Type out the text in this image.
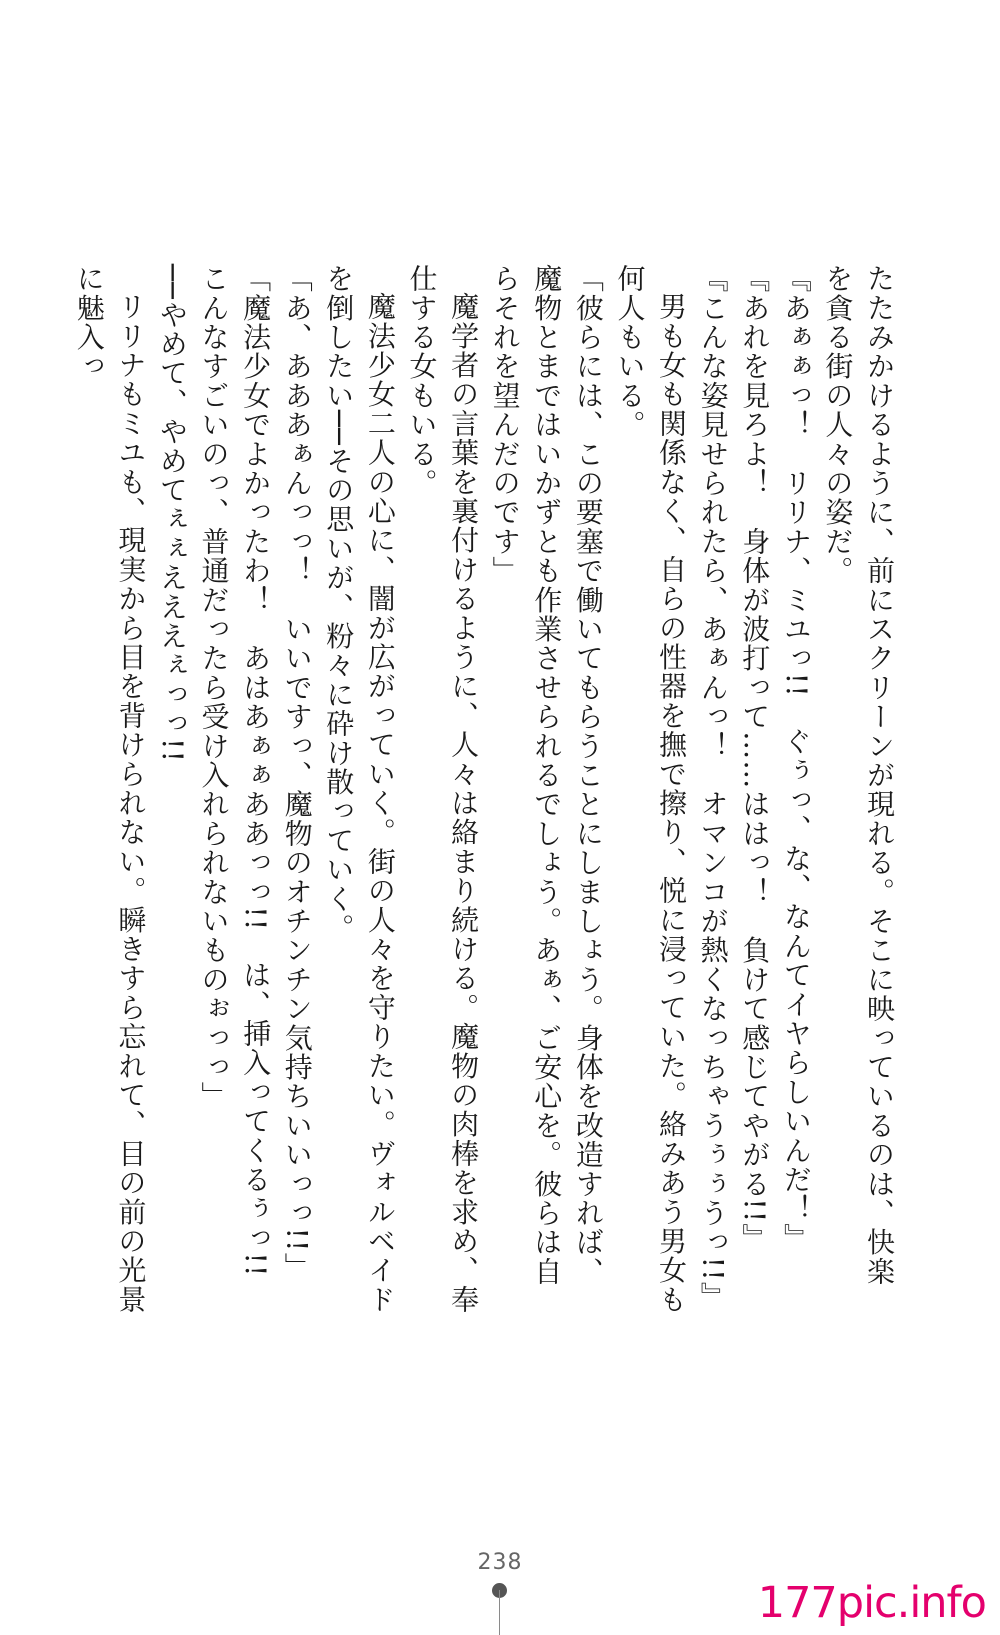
たたみかけるように、前にスクリーンが現れる。そこに映っているのは、快楽を貪る街の人々の姿だ。

『あぁぁっ！　リリナ、ミユっ!!　ぐぅっ、な、なんてイヤらしいんだ！』

『あれを見ろよ！　身体が波打って……ははっ！　負けて感じてやがる!!』

『こんな姿見せられたら、あぁんっ！　オマンコが熱くなっちゃうぅぅうっ!!』

男も女も関係なく、自らの性器を撫で擦り、悦に浸っていた。絡みあう男女も何人もいる。

「彼らには、この要塞で働いてもらうことにしましょう。身体を改造すれば、魔物とまではいかずとも作業させられるでしょう。あぁ、ご安心を。彼らは自らそれを望んだのです」

魔学者の言葉を裏付けるように、人々は絡まり続ける。魔物の肉棒を求め、奉仕する女もいる。

魔法少女二人の心に、闇が広がっていく。街の人々を守りたい。ヴォルベイドを倒したい──その思いが、粉々に砕け散っていく。

「あ、あああぁんっっ！　いいですっ、魔物のオチンチン気持ちいいっっ!!」

「魔法少女でよかったわ！　あはあぁぁああっっ!!　は、挿入ってくるぅっ!!　こんなすごいのっ、普通だったら受け入れられないものぉっっ」

──やめて、やめてぇぇえええぇっっ!!

リリナもミユも、現実から目を背けられない。瞬きすら忘れて、目の前の光景に魅入っ

238
177pic.info
